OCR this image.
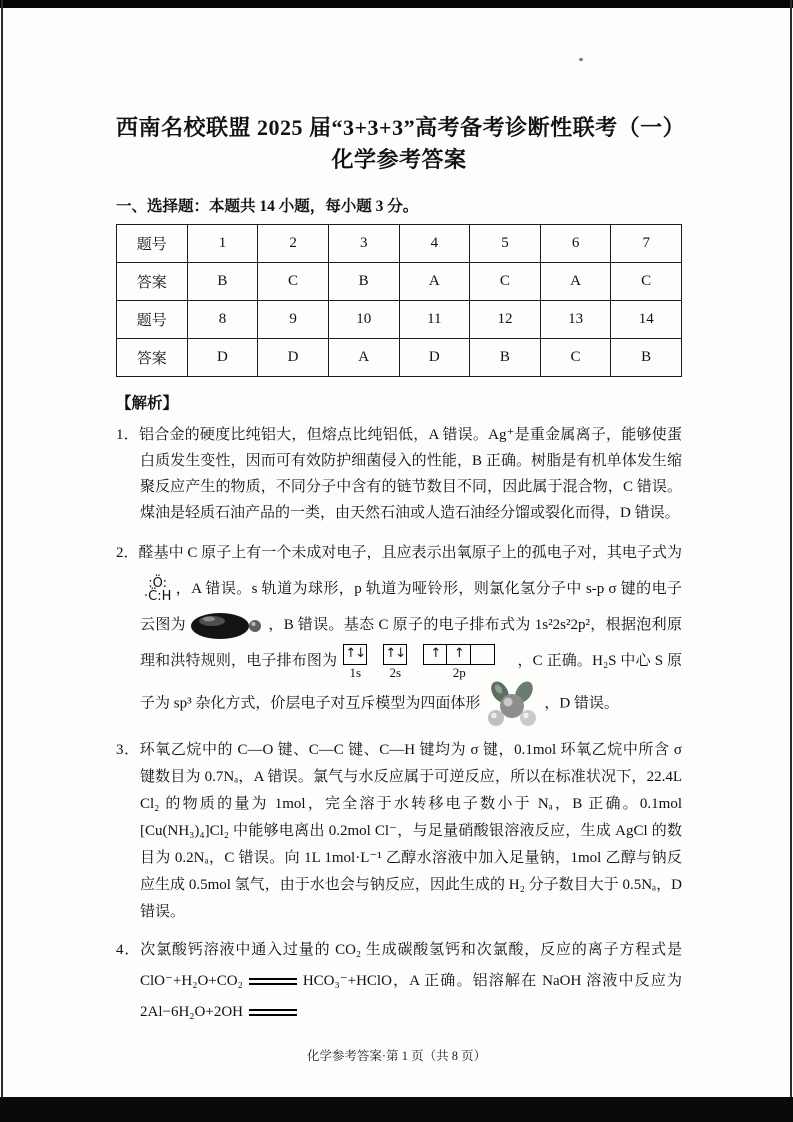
西南名校联盟 2025 届“3+3+3”高考备考诊断性联考（一）
化学参考答案
一、选择题：本题共 14 小题，每小题 3 分。
题号	1	2	3	4	5	6	7
答案	B	C	B	A	C	A	C
题号	8	9	10	11	12	13	14
答案	D	D	A	D	B	C	B
【解析】

1．铝合金的硬度比纯铝大，但熔点比纯铝低，A 错误。Ag⁺是重金属离子，能够使蛋白质发生变性，因而可有效防护细菌侵入的性能，B 正确。树脂是有机单体发生缩聚反应产生的物质，不同分子中含有的链节数目不同，因此属于混合物，C 错误。煤油是轻质石油产品的一类，由天然石油或人造石油经分馏或裂化而得，D 错误。

2．醛基中 C 原子上有一个未成对电子，且应表示出氧原子上的孤电子对，其电子式为
:Ö:
·C̈:H ，A 错误。s 轨道为球形，p 轨道为哑铃形，则氯化氢分子中 s-p σ 键的电子云图为	，B 错误。基态 C 原子的电子排布式为 1s²2s²2p²，根据泡利原理和洪特规则，电子排布图为 ↑↓
1s
↑↓
2s
↑	↑
2p
，C 正确。H₂S 中心 S 原子为 sp³ 杂化方式，价层电子对互斥模型为四面体形	，D 错误。

3．环氧乙烷中的 C—O 键、C—C 键、C—H 键均为 σ 键，0.1mol 环氧乙烷中所含 σ 键数目为 0.7Nₐ，A 错误。氯气与水反应属于可逆反应，所以在标准状况下，22.4L Cl₂ 的物质的量为 1mol，完全溶于水转移电子数小于 Nₐ，B 正确。0.1mol [Cu(NH₃)₄]Cl₂ 中能够电离出 0.2mol Cl⁻，与足量硝酸银溶液反应，生成 AgCl 的数目为 0.2Nₐ，C 错误。向 1L 1mol·L⁻¹ 乙醇水溶液中加入足量钠，1mol 乙醇与钠反应生成 0.5mol 氢气，由于水也会与钠反应，因此生成的 H₂ 分子数目大于 0.5Nₐ，D 错误。

4．次氯酸钙溶液中通入过量的 CO₂ 生成碳酸氢钙和次氯酸，反应的离子方程式是 ClO⁻+H₂O+CO₂	HCO₃⁻+HClO，A 正确。铝溶解在 NaOH 溶液中反应为 2Al−6H₂O+2OH

化学参考答案·第 1 页（共 8 页）
